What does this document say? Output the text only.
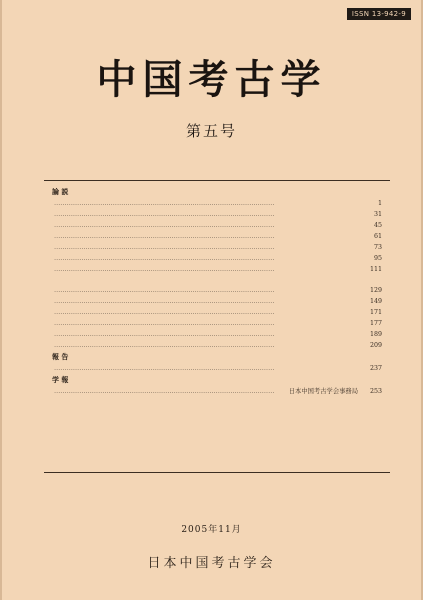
ISSN 13-942-9
中国考古学
第五号
論 説
……………………………………………………………………………………………
1
……………………………………………………………………………………………
31
……………………………………………………………………………………………
45
……………………………………………………………………………………………
61
……………………………………………………………………………………………
73
……………………………………………………………………………………………
95
……………………………………………………………………………………………
111
……………………………………………………………………………………………
129
……………………………………………………………………………………………
149
……………………………………………………………………………………………
171
……………………………………………………………………………………………
177
……………………………………………………………………………………………
189
……………………………………………………………………………………………
209
報 告
……………………………………………………………………………………………
237
学 報
……………………………………………………………………………………………
日本中国考古学会事務局	253
2005年11月
日本中国考古学会
